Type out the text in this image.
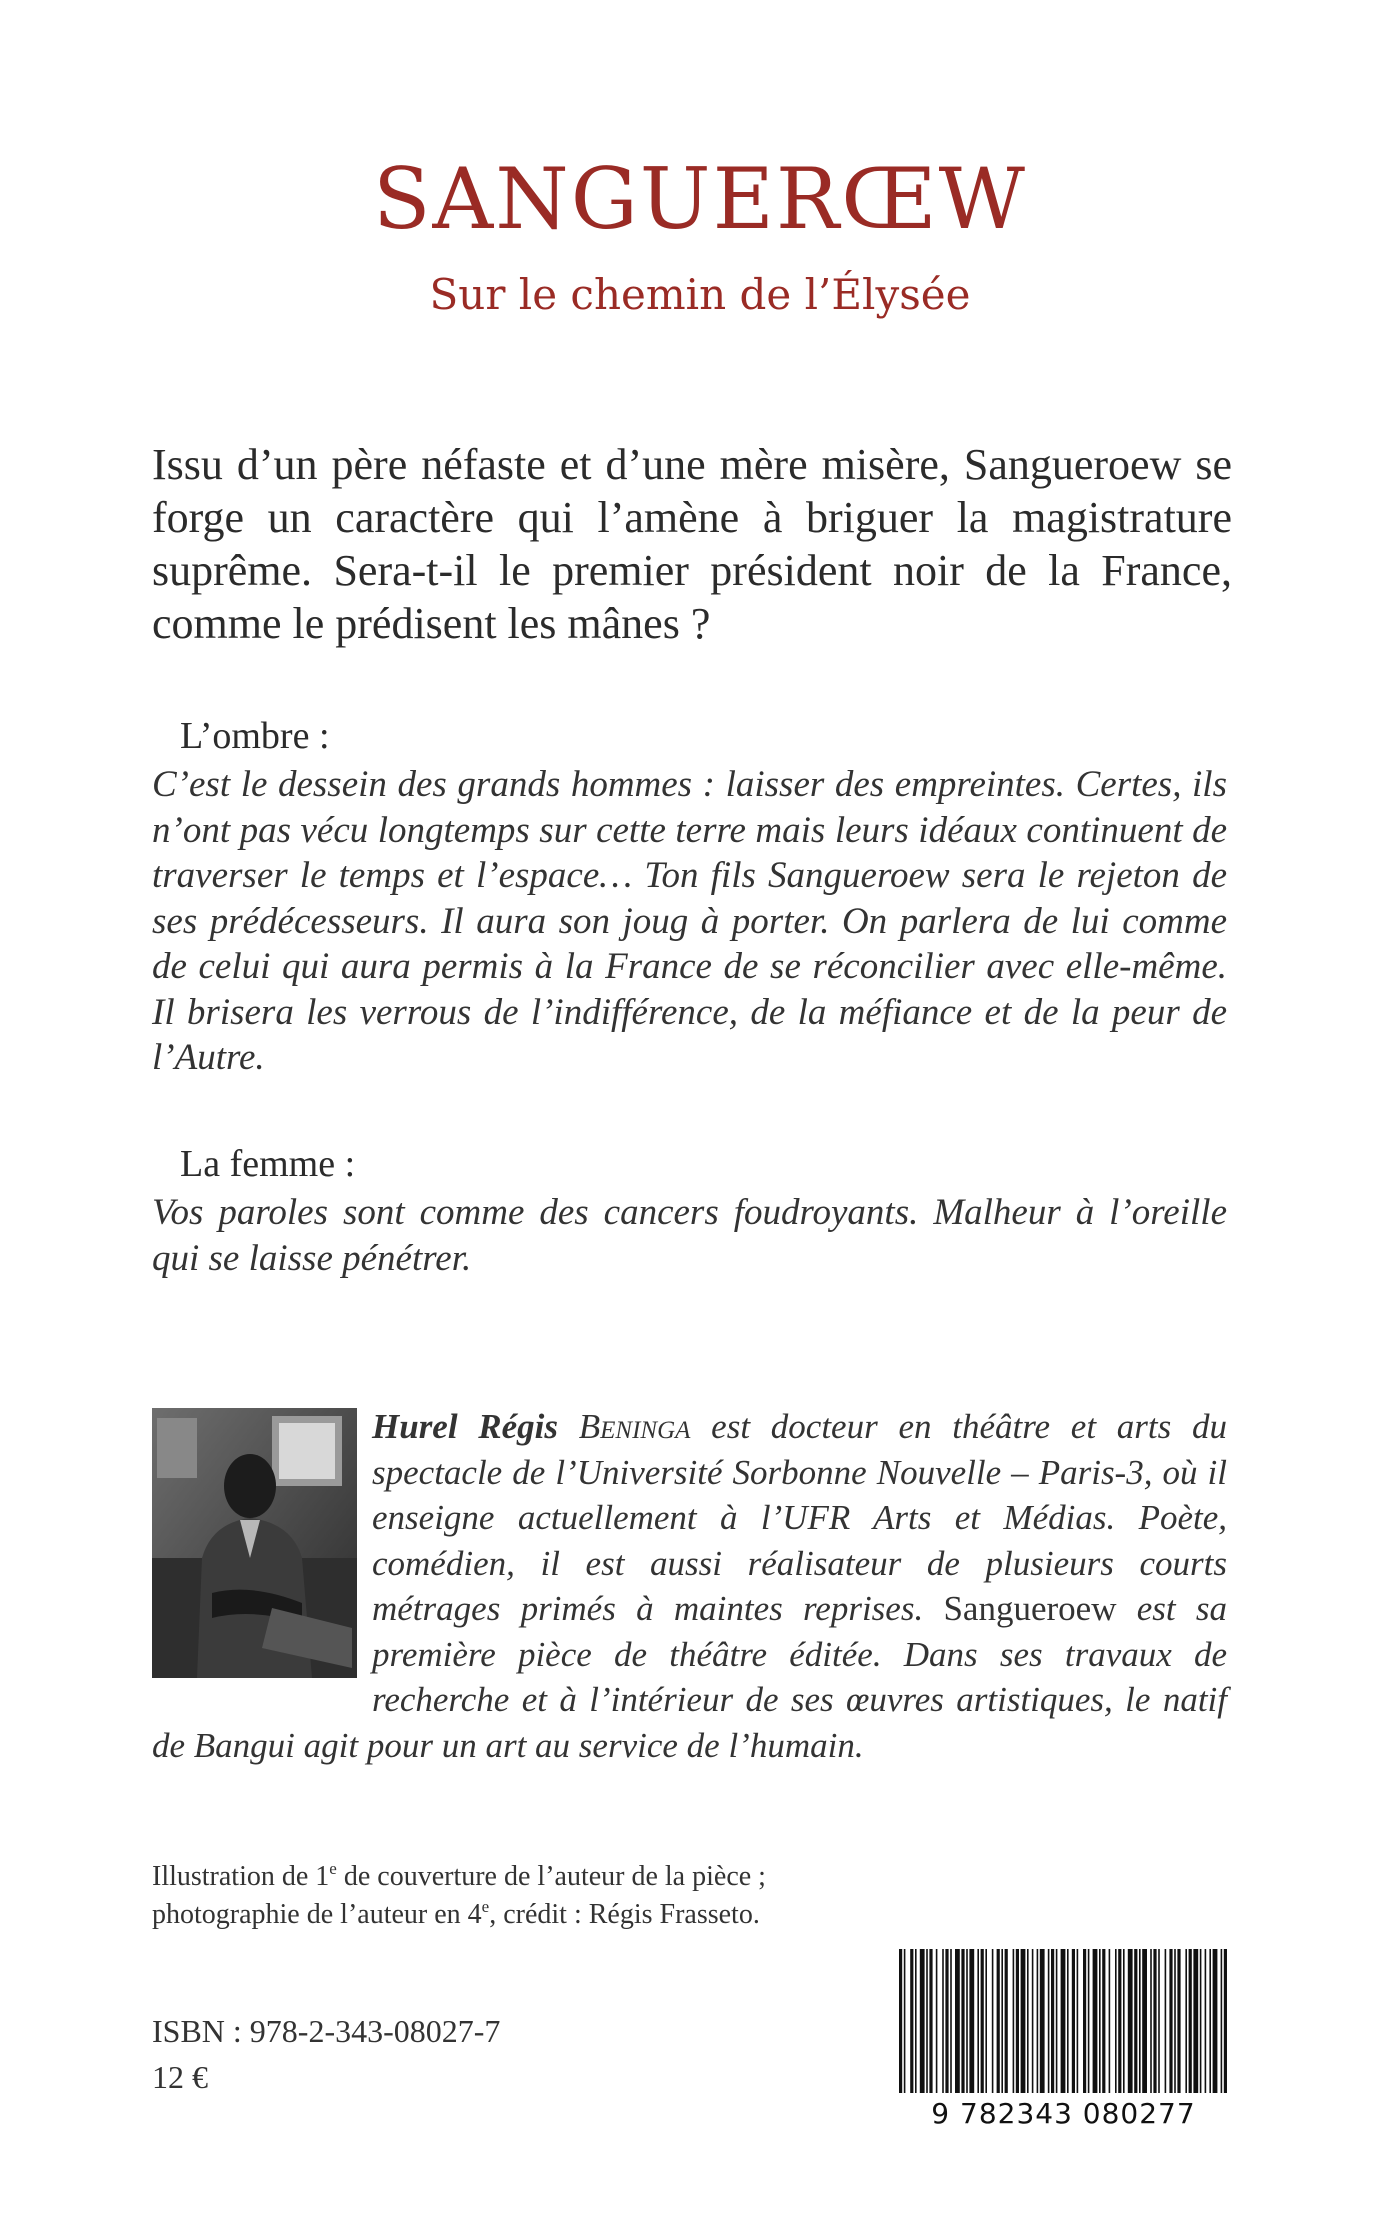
SANGUERŒW
Sur le chemin de l’Élysée

Issu d’un père néfaste et d’une mère misère, Sangueroew se forge un caractère qui l’amène à briguer la magistrature suprême. Sera-t-il le premier président noir de la France, comme le prédisent les mânes ?

L’ombre :

C’est le dessein des grands hommes : laisser des empreintes. Certes, ils n’ont pas vécu longtemps sur cette terre mais leurs idéaux continuent de traverser le temps et l’espace… Ton fils Sangueroew sera le rejeton de ses prédécesseurs. Il aura son joug à porter. On parlera de lui comme de celui qui aura permis à la France de se réconcilier avec elle-même. Il brisera les verrous de l’indifférence, de la méfiance et de la peur de l’Autre.

La femme :

Vos paroles sont comme des cancers foudroyants. Malheur à l’oreille qui se laisse pénétrer.

Hurel Régis Beninga est docteur en théâtre et arts du spectacle de l’Université Sorbonne Nouvelle – Paris-3, où il enseigne actuellement à l’UFR Arts et Médias. Poète, comédien, il est aussi réalisateur de plusieurs courts métrages primés à maintes reprises. Sangueroew est sa première pièce de théâtre éditée. Dans ses travaux de recherche et à l’intérieur de ses œuvres artistiques, le natif de Bangui agit pour un art au service de l’humain.

Illustration de 1e de couverture de l’auteur de la pièce ;

photographie de l’auteur en 4e, crédit : Régis Frasseto.

ISBN : 978-2-343-08027-7

12 €

9 782343 080277
